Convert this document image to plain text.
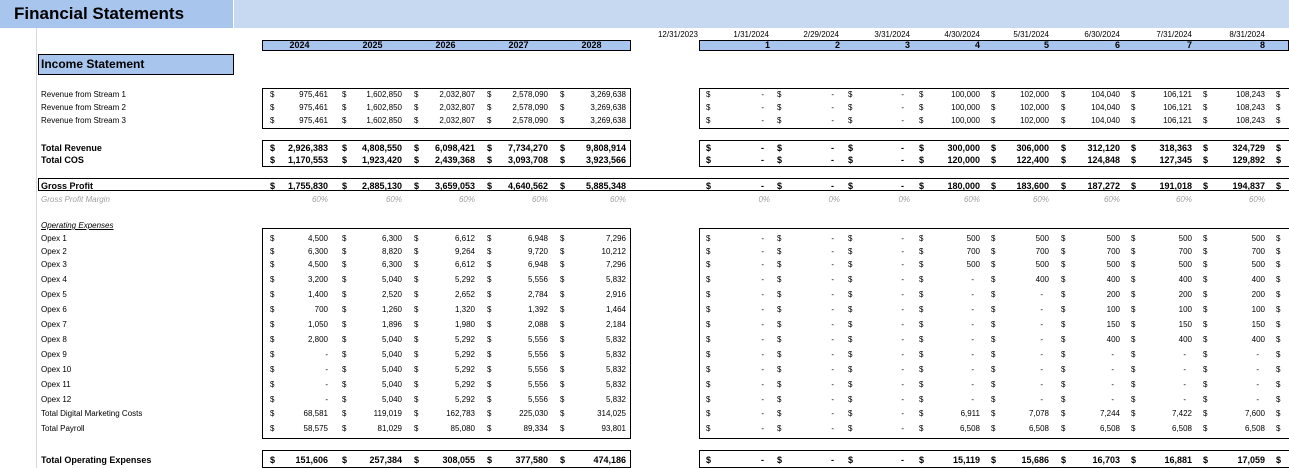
Financial Statements
Income Statement
2024	2025	2026	2027	2028
12/31/2023	1/31/2024	2/29/2024	3/31/2024	4/30/2024	5/31/2024	6/30/2024	7/31/2024	8/31/2024
1	2	3	4	5	6	7	8
Revenue from Stream 1	$	975,461 $	1,602,850 $	2,032,807 $	2,578,090 $	3,269,638	$	- $	- $	- $	100,000 $	102,000 $	104,040 $	106,121 $	108,243 $
Revenue from Stream 2	$	975,461 $	1,602,850 $	2,032,807 $	2,578,090 $	3,269,638	$	- $	- $	- $	100,000 $	102,000 $	104,040 $	106,121 $	108,243 $
Revenue from Stream 3	$	975,461 $	1,602,850 $	2,032,807 $	2,578,090 $	3,269,638	$	- $	- $	- $	100,000 $	102,000 $	104,040 $	106,121 $	108,243 $
Total Revenue	$	2,926,383 $	4,808,550 $	6,098,421 $	7,734,270 $	9,808,914	$	- $	- $	- $	300,000 $	306,000 $	312,120 $	318,363 $	324,729 $
Total COS	$	1,170,553 $	1,923,420 $	2,439,368 $	3,093,708 $	3,923,566	$	- $	- $	- $	120,000 $	122,400 $	124,848 $	127,345 $	129,892 $
Gross Profit	$	1,755,830 $	2,885,130 $	3,659,053 $	4,640,562 $	5,885,348	$	- $	- $	- $	180,000 $	183,600 $	187,272 $	191,018 $	194,837 $
Gross Profit Margin	60%	60%	60%	60%	60%	0%	0%	0%	60%	60%	60%	60%	60%
Operating Expenses
Opex 1	$	4,500 $	6,300 $	6,612 $	6,948 $	7,296	$	- $	- $	- $	500 $	500 $	500 $	500 $	500 $
Opex 2	$	6,300 $	8,820 $	9,264 $	9,720 $	10,212	$	- $	- $	- $	700 $	700 $	700 $	700 $	700 $
Opex 3	$	4,500 $	6,300 $	6,612 $	6,948 $	7,296	$	- $	- $	- $	500 $	500 $	500 $	500 $	500 $
Opex 4	$	3,200 $	5,040 $	5,292 $	5,556 $	5,832	$	- $	- $	- $	- $	400 $	400 $	400 $	400 $
Opex 5	$	1,400 $	2,520 $	2,652 $	2,784 $	2,916	$	- $	- $	- $	- $	- $	200 $	200 $	200 $
Opex 6	$	700 $	1,260 $	1,320 $	1,392 $	1,464	$	- $	- $	- $	- $	- $	100 $	100 $	100 $
Opex 7	$	1,050 $	1,896 $	1,980 $	2,088 $	2,184	$	- $	- $	- $	- $	- $	150 $	150 $	150 $
Opex 8	$	2,800 $	5,040 $	5,292 $	5,556 $	5,832	$	- $	- $	- $	- $	- $	400 $	400 $	400 $
Opex 9	$	- $	5,040 $	5,292 $	5,556 $	5,832	$	- $	- $	- $	- $	- $	- $	- $	- $
Opex 10	$	- $	5,040 $	5,292 $	5,556 $	5,832	$	- $	- $	- $	- $	- $	- $	- $	- $
Opex 11	$	- $	5,040 $	5,292 $	5,556 $	5,832	$	- $	- $	- $	- $	- $	- $	- $	- $
Opex 12	$	- $	5,040 $	5,292 $	5,556 $	5,832	$	- $	- $	- $	- $	- $	- $	- $	- $
Total Digital Marketing Costs	$	68,581 $	119,019 $	162,783 $	225,030 $	314,025	$	- $	- $	- $	6,911 $	7,078 $	7,244 $	7,422 $	7,600 $
Total Payroll	$	58,575 $	81,029 $	85,080 $	89,334 $	93,801	$	- $	- $	- $	6,508 $	6,508 $	6,508 $	6,508 $	6,508 $
Total Operating Expenses	$	151,606 $	257,384 $	308,055 $	377,580 $	474,186	$	- $	- $	- $	15,119 $	15,686 $	16,703 $	16,881 $	17,059 $
